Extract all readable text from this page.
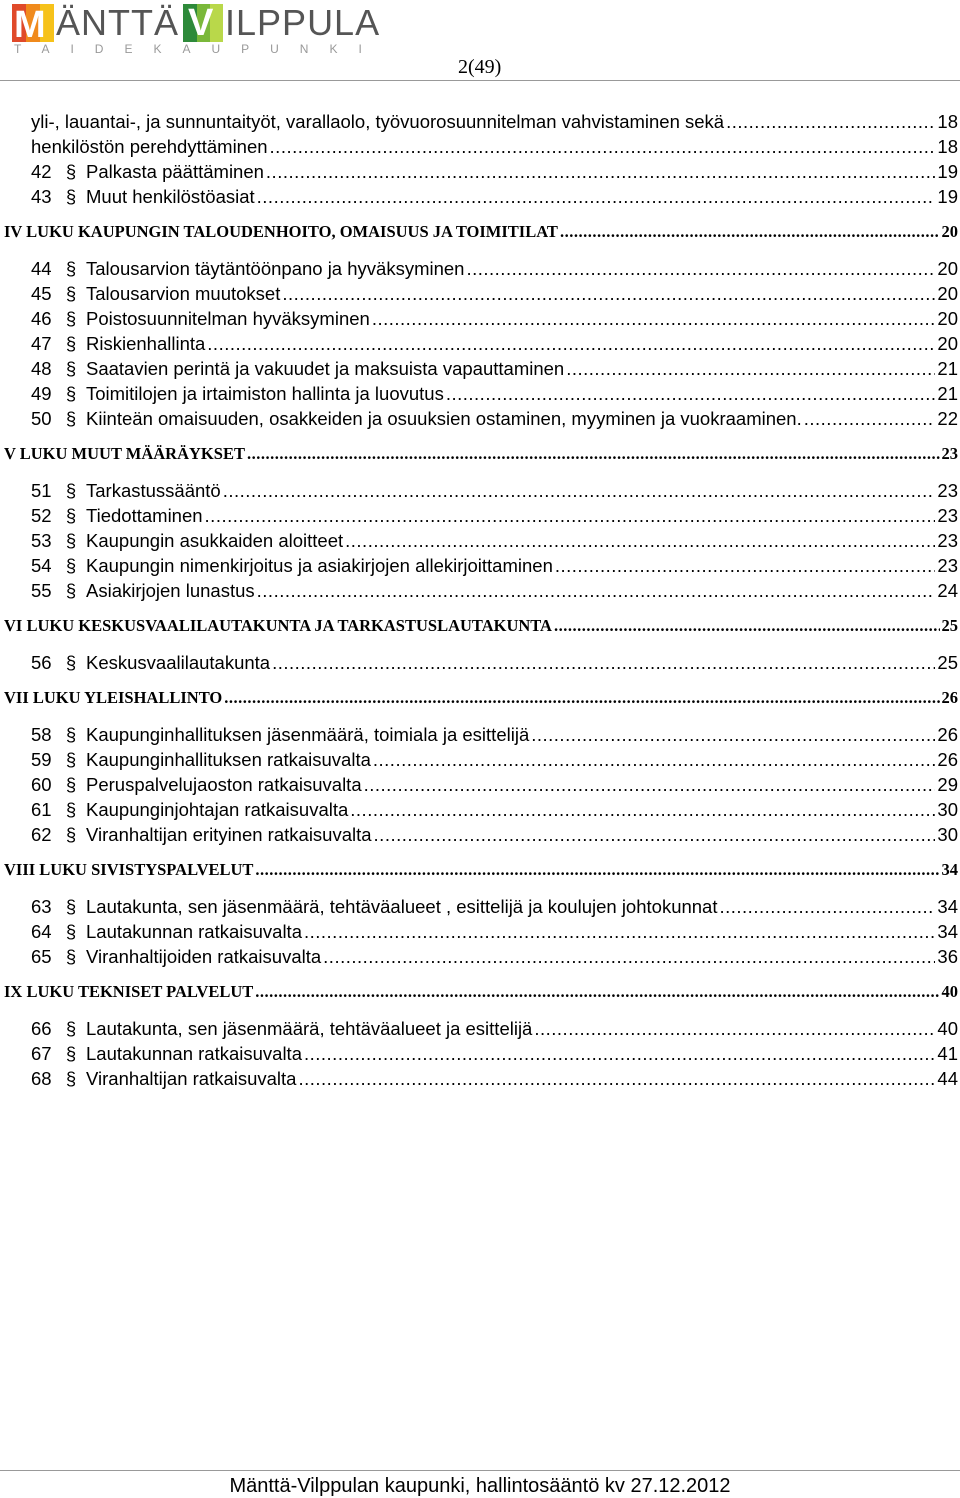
M ÄNTTÄ V ILPPULA
TAIDEKAUPUNKI
2(49)
yli-, lauantai-, ja sunnuntaityöt, varallaolo, työvuorosuunnitelman vahvistaminen sekä .....	18
henkilöstön perehdyttäminen .....	18
42 § Palkasta päättäminen .....	19
43 § Muut henkilöstöasiat .....	19
IV LUKU KAUPUNGIN TALOUDENHOITO, OMAISUUS JA TOIMITILAT .....	20
44 § Talousarvion täytäntöönpano ja hyväksyminen .....	20
45 § Talousarvion muutokset .....	20
46 § Poistosuunnitelman hyväksyminen .....	20
47 § Riskienhallinta .....	20
48 § Saatavien perintä ja vakuudet ja maksuista vapauttaminen .....	21
49 § Toimitilojen ja irtaimiston hallinta ja luovutus .....	21
50 § Kiinteän omaisuuden, osakkeiden ja osuuksien ostaminen, myyminen ja vuokraaminen. .....	22
V LUKU MUUT MÄÄRÄYKSET .....	23
51 § Tarkastussääntö .....	23
52 § Tiedottaminen .....	23
53 § Kaupungin asukkaiden aloitteet .....	23
54 § Kaupungin nimenkirjoitus ja asiakirjojen allekirjoittaminen .....	23
55 § Asiakirjojen lunastus .....	24
VI LUKU KESKUSVAALILAUTAKUNTA JA TARKASTUSLAUTAKUNTA .....	25
56 § Keskusvaalilautakunta .....	25
VII LUKU YLEISHALLINTO .....	26
58 § Kaupunginhallituksen jäsenmäärä, toimiala ja esittelijä .....	26
59 § Kaupunginhallituksen ratkaisuvalta .....	26
60 § Peruspalvelujaoston ratkaisuvalta .....	29
61 § Kaupunginjohtajan ratkaisuvalta .....	30
62 § Viranhaltijan erityinen ratkaisuvalta .....	30
VIII LUKU SIVISTYSPALVELUT .....	34
63 § Lautakunta, sen jäsenmäärä, tehtäväalueet , esittelijä ja koulujen johtokunnat .....	34
64 § Lautakunnan ratkaisuvalta .....	34
65 § Viranhaltijoiden ratkaisuvalta .....	36
IX LUKU TEKNISET PALVELUT .....	40
66 § Lautakunta, sen jäsenmäärä, tehtäväalueet ja esittelijä .....	40
67 § Lautakunnan ratkaisuvalta .....	41
68 § Viranhaltijan ratkaisuvalta .....	44
Mänttä-Vilppulan kaupunki, hallintosääntö kv 27.12.2012
